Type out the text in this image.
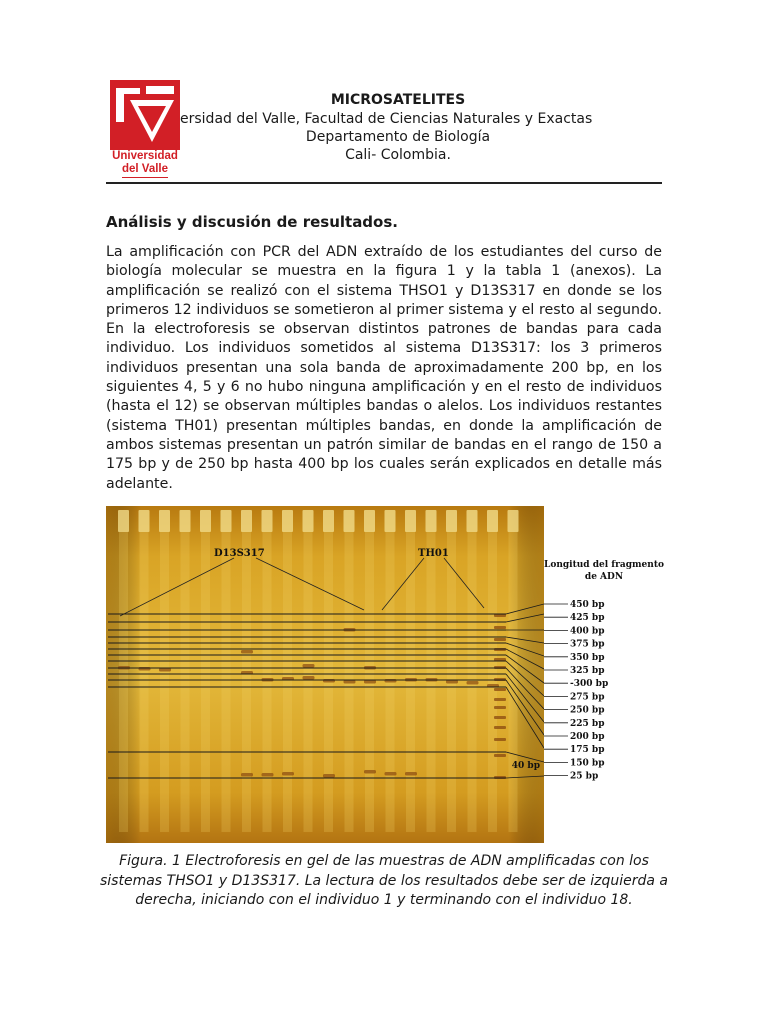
Universidad
del Valle
MICROSATELITES
ersidad del Valle, Facultad de Ciencias Naturales y Exactas
Departamento de Biología
Cali- Colombia.
Análisis y discusión de resultados.

La amplificación con PCR del ADN extraído de los estudiantes del curso de biología molecular se muestra en la figura 1 y la tabla 1 (anexos). La amplificación se realizó con el sistema THSO1 y D13S317 en donde se los primeros 12 individuos se sometieron al primer sistema y el resto al segundo. En la electroforesis se observan distintos patrones de bandas para cada individuo. Los individuos sometidos al sistema D13S317: los 3 primeros individuos presentan una sola banda de aproximadamente 200 bp, en los siguientes 4, 5 y 6 no hubo ninguna amplificación y en el resto de individuos (hasta el 12) se observan múltiples bandas o alelos. Los individuos restantes (sistema TH01) presentan múltiples bandas, en donde la amplificación de ambos sistemas presentan un patrón similar de bandas en el rango de 150 a 175 bp y de 250 bp hasta 400 bp los cuales serán explicados en detalle más adelante.

D13S317	TH01
40 bp
Longitud del fragmento
de ADN
450 bp
425 bp
400 bp
375 bp
350 bp
325 bp
-300 bp
275 bp
250 bp
225 bp
200 bp
175 bp
150 bp
25 bp

Figura. 1 Electroforesis en gel de las muestras de ADN amplificadas con los sistemas THSO1 y D13S317. La lectura de los resultados debe ser de izquierda a derecha, iniciando con el individuo 1 y terminando con el individuo 18.
